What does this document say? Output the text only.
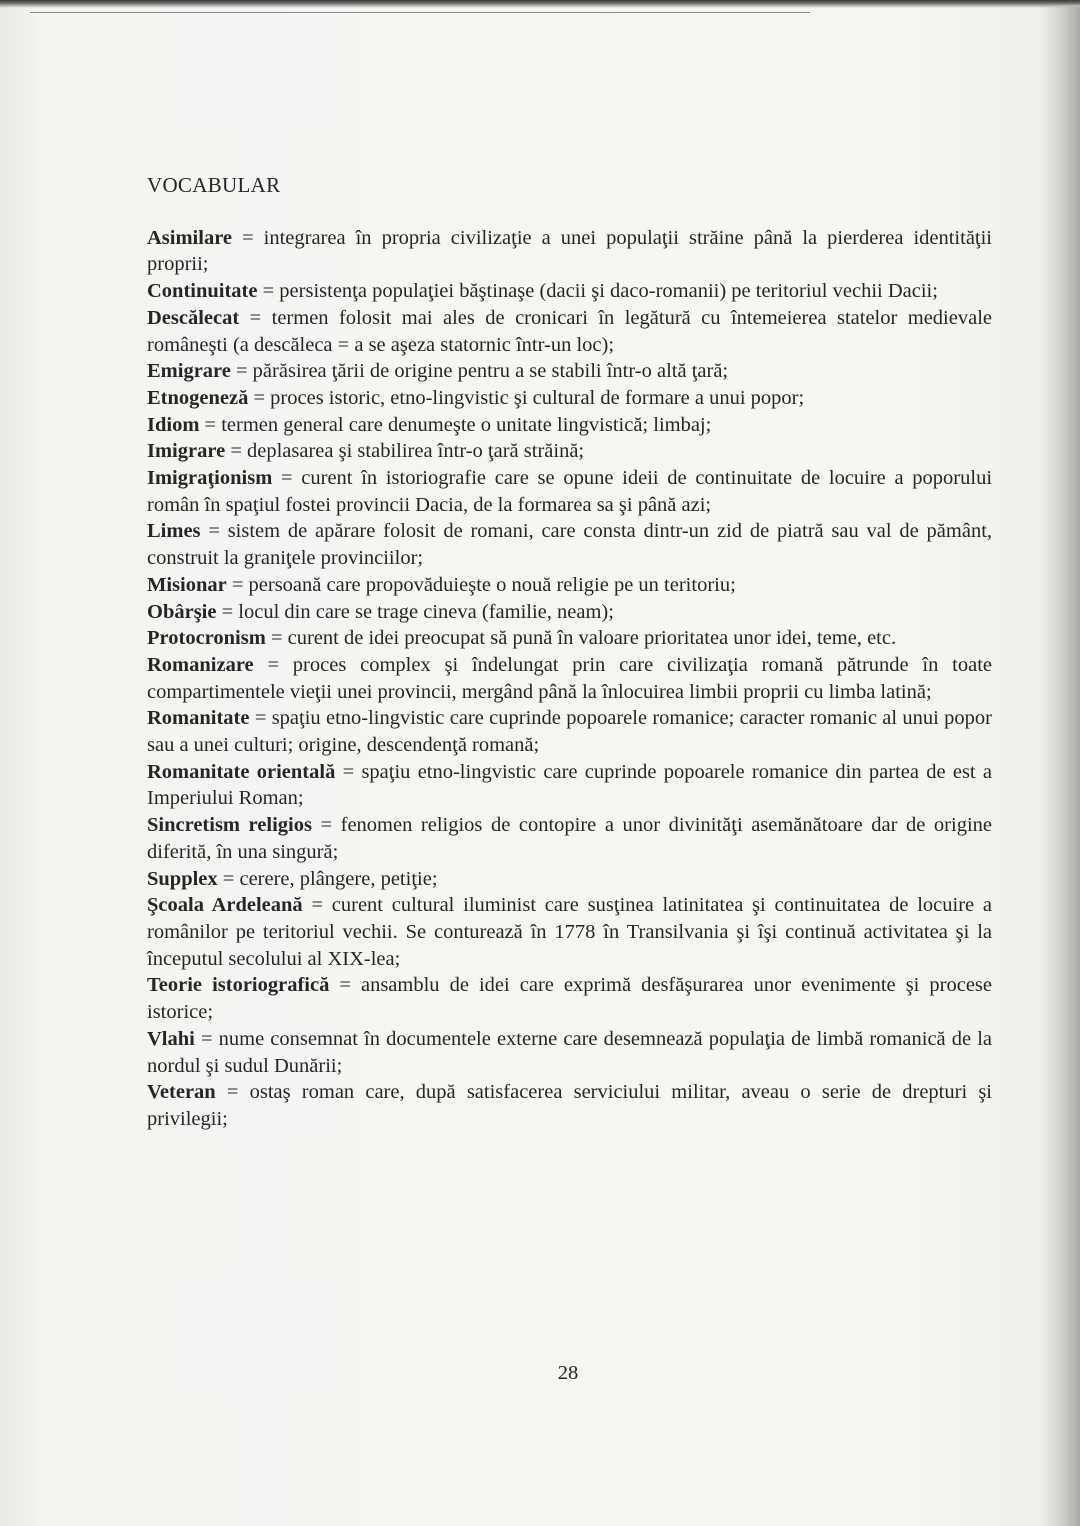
VOCABULAR

Asimilare = integrarea în propria civilizaţie a unei populaţii străine până la pierderea identităţii proprii;

Continuitate = persistenţa populaţiei băştinaşe (dacii şi daco-romanii) pe teritoriul vechii Dacii;

Descălecat = termen folosit mai ales de cronicari în legătură cu întemeierea statelor medievale româneşti (a descăleca = a se aşeza statornic într-un loc);

Emigrare = părăsirea ţării de origine pentru a se stabili într-o altă ţară;

Etnogeneză = proces istoric, etno-lingvistic şi cultural de formare a unui popor;

Idiom = termen general care denumeşte o unitate lingvistică; limbaj;

Imigrare = deplasarea şi stabilirea într-o ţară străină;

Imigraţionism = curent în istoriografie care se opune ideii de continuitate de locuire a poporului român în spaţiul fostei provincii Dacia, de la formarea sa şi până azi;

Limes = sistem de apărare folosit de romani, care consta dintr-un zid de piatră sau val de pământ, construit la graniţele provinciilor;

Misionar = persoană care propovăduieşte o nouă religie pe un teritoriu;

Obârşie = locul din care se trage cineva (familie, neam);

Protocronism = curent de idei preocupat să pună în valoare prioritatea unor idei, teme, etc.

Romanizare = proces complex şi îndelungat prin care civilizaţia romană pătrunde în toate compartimentele vieţii unei provincii, mergând până la înlocuirea limbii proprii cu limba latină;

Romanitate = spaţiu etno-lingvistic care cuprinde popoarele romanice; caracter romanic al unui popor sau a unei culturi; origine, descendenţă romană;

Romanitate orientală = spaţiu etno-lingvistic care cuprinde popoarele romanice din partea de est a Imperiului Roman;

Sincretism religios = fenomen religios de contopire a unor divinităţi asemănătoare dar de origine diferită, în una singură;

Supplex = cerere, plângere, petiţie;

Şcoala Ardeleană = curent cultural iluminist care susţinea latinitatea şi continuitatea de locuire a românilor pe teritoriul vechii. Se conturează în 1778 în Transilvania şi îşi continuă activitatea şi la începutul secolului al XIX-lea;

Teorie istoriografică = ansamblu de idei care exprimă desfăşurarea unor evenimente şi procese istorice;

Vlahi = nume consemnat în documentele externe care desemnează populaţia de limbă romanică de la nordul şi sudul Dunării;

Veteran = ostaş roman care, după satisfacerea serviciului militar, aveau o serie de drepturi şi privilegii;

28
